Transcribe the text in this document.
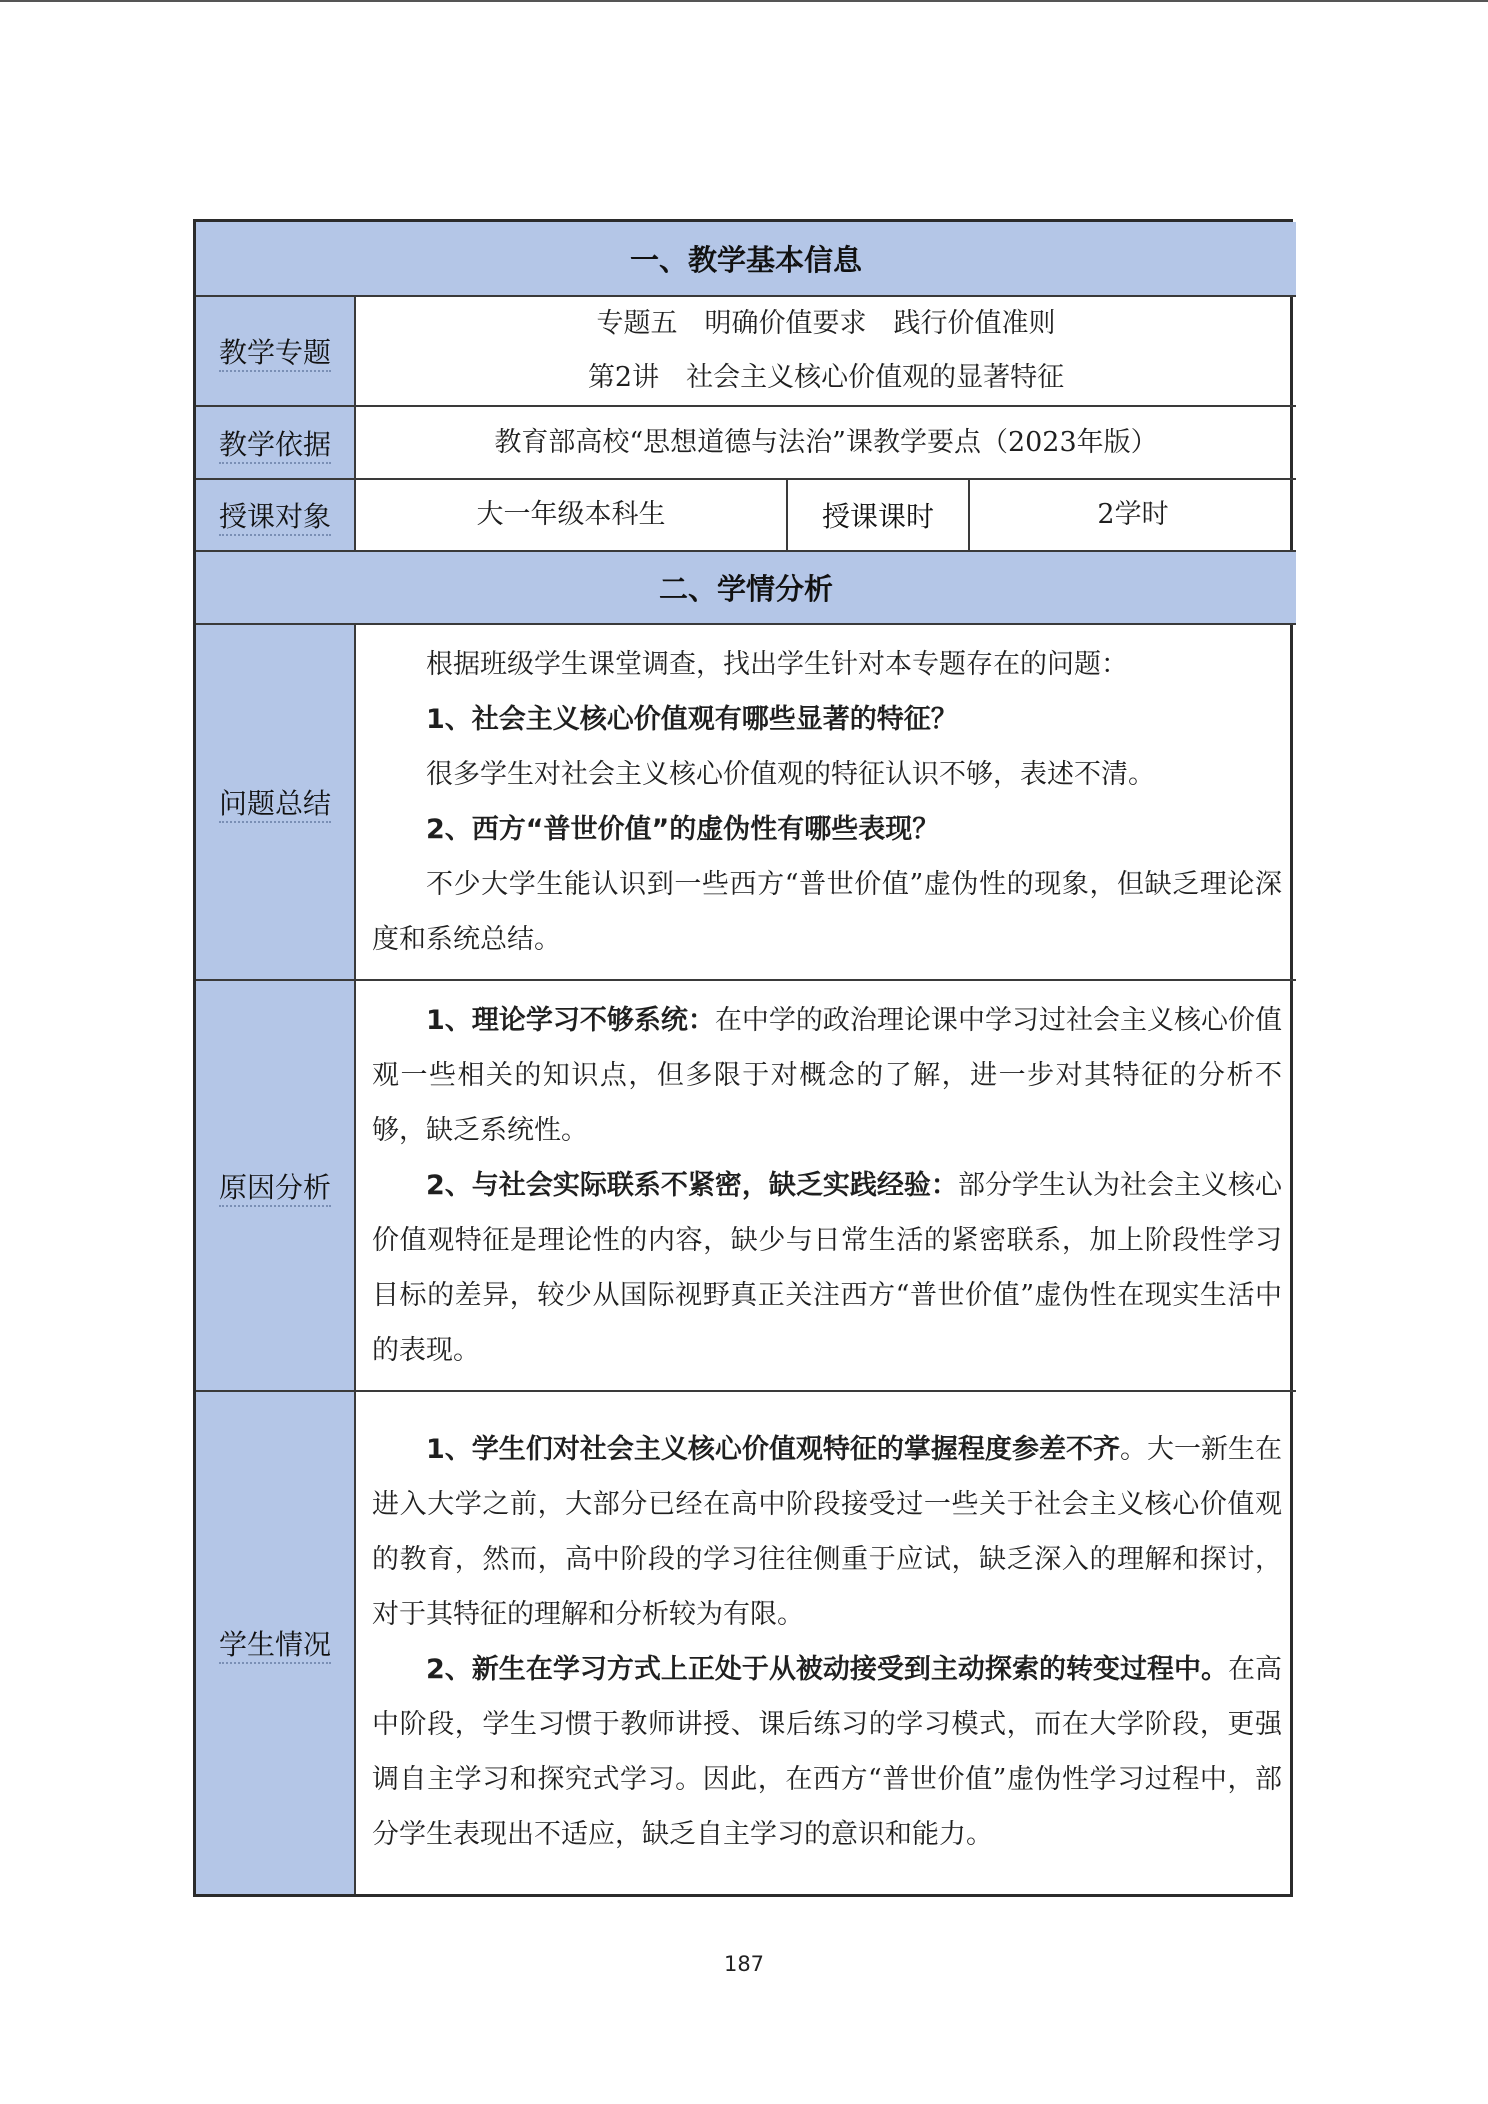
一、教学基本信息			
教学专题	专题五　明确价值要求　践行价值准则
第2讲　社会主义核心价值观的显著特征		

教学依据	教育部高校“思想道德与法治”课教学要点（2023年版）		
授课对象	大一年级本科生	授课课时	2学时
二、学情分析			
问题总结	根据班级学生课堂调查，找出学生针对本专题存在的问题：

1、社会主义核心价值观有哪些显著的特征？

很多学生对社会主义核心价值观的特征认识不够，表述不清。

2、西方“普世价值”的虚伪性有哪些表现？

不少大学生能认识到一些西方“普世价值”虚伪性的现象，但缺乏理论深度和系统总结。		

原因分析	1、理论学习不够系统：在中学的政治理论课中学习过社会主义核心价值观一些相关的知识点，但多限于对概念的了解，进一步对其特征的分析不够，缺乏系统性。

2、与社会实际联系不紧密，缺乏实践经验：部分学生认为社会主义核心价值观特征是理论性的内容，缺少与日常生活的紧密联系，加上阶段性学习目标的差异，较少从国际视野真正关注西方“普世价值”虚伪性在现实生活中的表现。		

学生情况	1、学生们对社会主义核心价值观特征的掌握程度参差不齐。大一新生在进入大学之前，大部分已经在高中阶段接受过一些关于社会主义核心价值观的教育，然而，高中阶段的学习往往侧重于应试，缺乏深入的理解和探讨，对于其特征的理解和分析较为有限。

2、新生在学习方式上正处于从被动接受到主动探索的转变过程中。在高中阶段，学生习惯于教师讲授、课后练习的学习模式，而在大学阶段，更强调自主学习和探究式学习。因此，在西方“普世价值”虚伪性学习过程中，部分学生表现出不适应，缺乏自主学习的意识和能力。		

187
